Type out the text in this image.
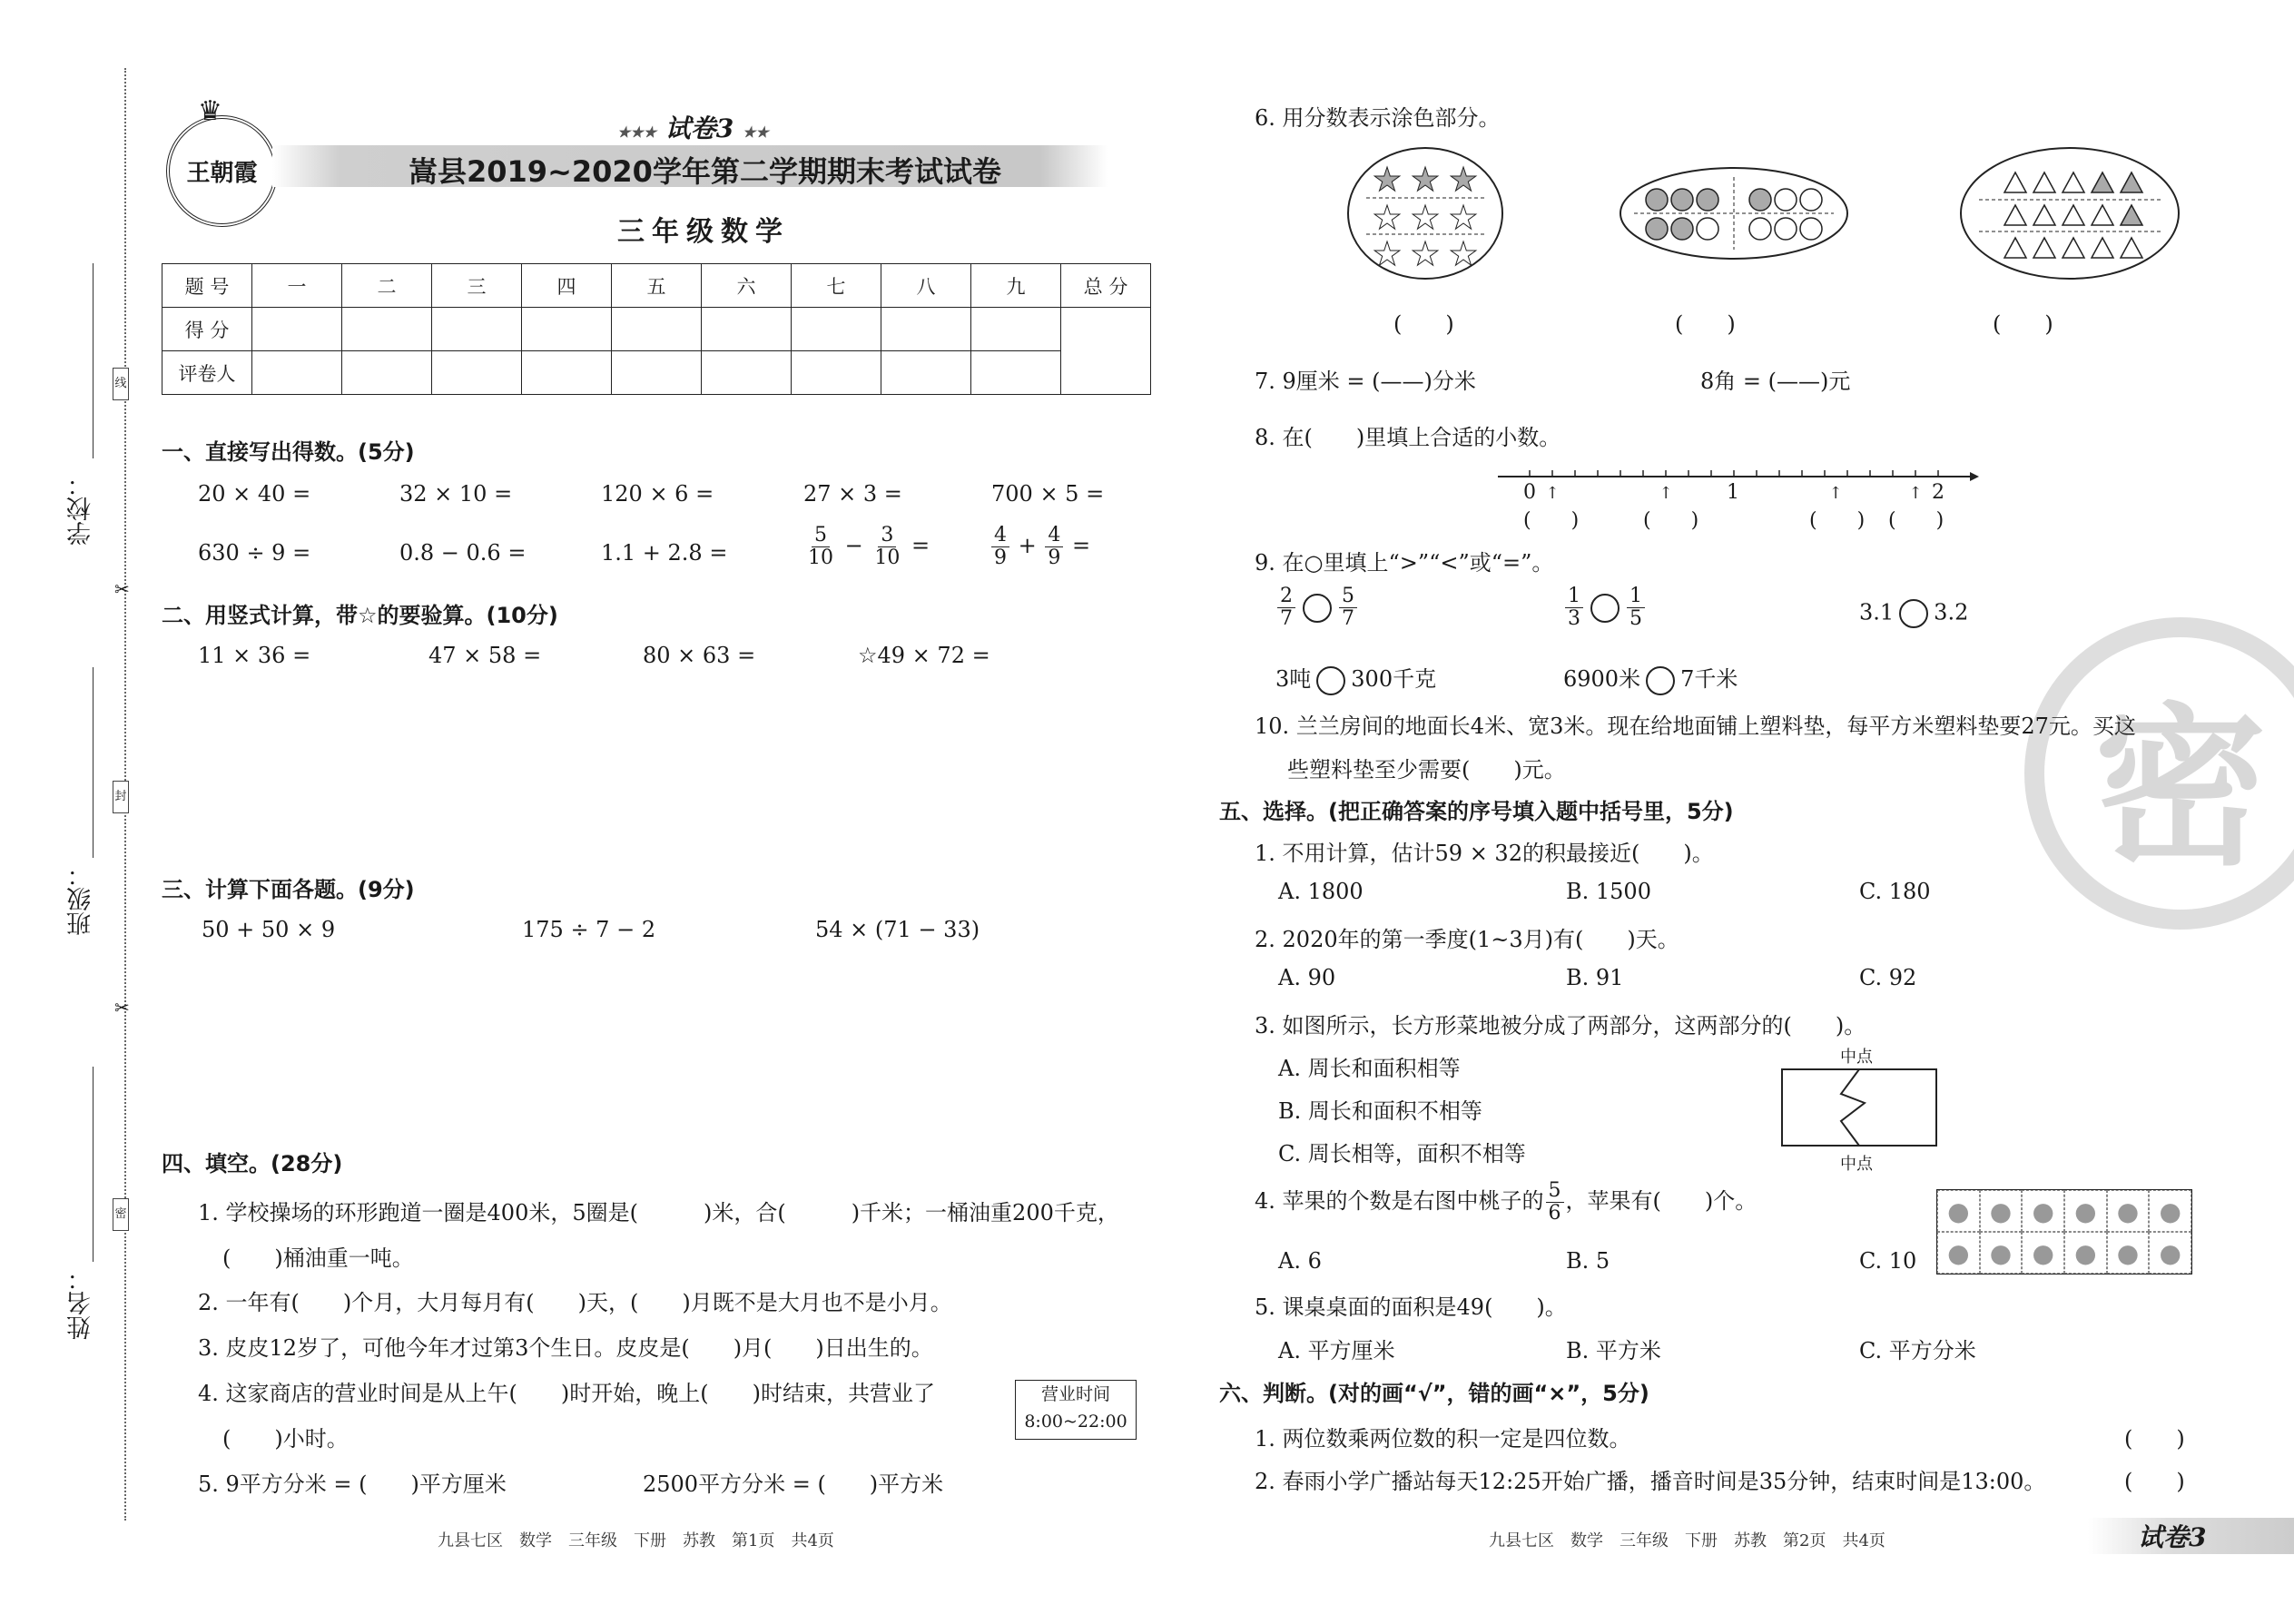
学校：
线
班级：
封
姓名：
密
✂
✂
王朝霞
♛
★★★ 试卷3 ★★
嵩县2019~2020学年第二学期期末考试试卷
三年级数学
题 号	一	二	三	四	五	六	七	八	九	总 分
得 分										
评卷人										
一、直接写出得数。(5分)
20 × 40 =	32 × 10 =	120 × 6 =	27 × 3 =	700 × 5 =
630 ÷ 9 =	0.8 − 0.6 =	1.1 + 2.8 =	$\frac{5}{10} - \frac{3}{10}$ =	$\frac{4}{9} + \frac{4}{9}$ =
二、用竖式计算，带☆的要验算。(10分)
11 × 36 =	47 × 58 =	80 × 63 =	☆49 × 72 =
三、计算下面各题。(9分)
50 + 50 × 9	175 ÷ 7 − 2	54 × (71 − 33)
四、填空。(28分)
1. 学校操场的环形跑道一圈是400米，5圈是(　　　)米，合(　　　)千米；一桶油重200千克，
(　　)桶油重一吨。
2. 一年有(　　)个月，大月每月有(　　)天，(　　)月既不是大月也不是小月。
3. 皮皮12岁了，可他今年才过第3个生日。皮皮是(　　)月(　　)日出生的。
4. 这家商店的营业时间是从上午(　　)时开始，晚上(　　)时结束，共营业了
(　　)小时。
营业时间
8:00~22:00
5. 9平方分米 = (　　)平方厘米	2500平方分米 = (　　)平方米
九县七区　数学　三年级　下册　苏教　第1页　共4页
密
6. 用分数表示涂色部分。
★ ★ ★
★ ★ ★
★ ★ ★
(　　)	(　　)	(　　)
7. 9厘米 = (——)分米	8角 = (——)元
8. 在(　　)里填上合适的小数。
↑	↑	↑	↑
0	1	2
(　　)	(　　)	(　　) (　　)
9. 在○里填上“>”“<”或“=”。
$\frac{2}{7} \frac{5}{7}$	$\frac{1}{3} \frac{1}{5}$	3.1 3.2
3吨 300千克	6900米 7千米
10. 兰兰房间的地面长4米、宽3米。现在给地面铺上塑料垫，每平方米塑料垫要27元。买这
些塑料垫至少需要(　　)元。
五、选择。(把正确答案的序号填入题中括号里，5分)
1. 不用计算，估计59 × 32的积最接近(　　)。
A. 1800	B. 1500	C. 180
2. 2020年的第一季度(1~3月)有(　　)天。
A. 90	B. 91	C. 92
3. 如图所示，长方形菜地被分成了两部分，这两部分的(　　)。
A. 周长和面积相等
B. 周长和面积不相等
C. 周长相等，面积不相等
中点
中点
4. 苹果的个数是右图中桃子的 $\frac{5}{6}$ ，苹果有(　　)个。	● ● ● ● ● ●
● ● ● ● ● ●
A. 6	B. 5	C. 10
5. 课桌桌面的面积是49(　　)。
A. 平方厘米	B. 平方米	C. 平方分米
六、判断。(对的画“√”，错的画“×”，5分)
1. 两位数乘两位数的积一定是四位数。	(　　)
2. 春雨小学广播站每天12:25开始广播，播音时间是35分钟，结束时间是13:00。	(　　)
九县七区　数学　三年级　下册　苏教　第2页　共4页	试卷3
